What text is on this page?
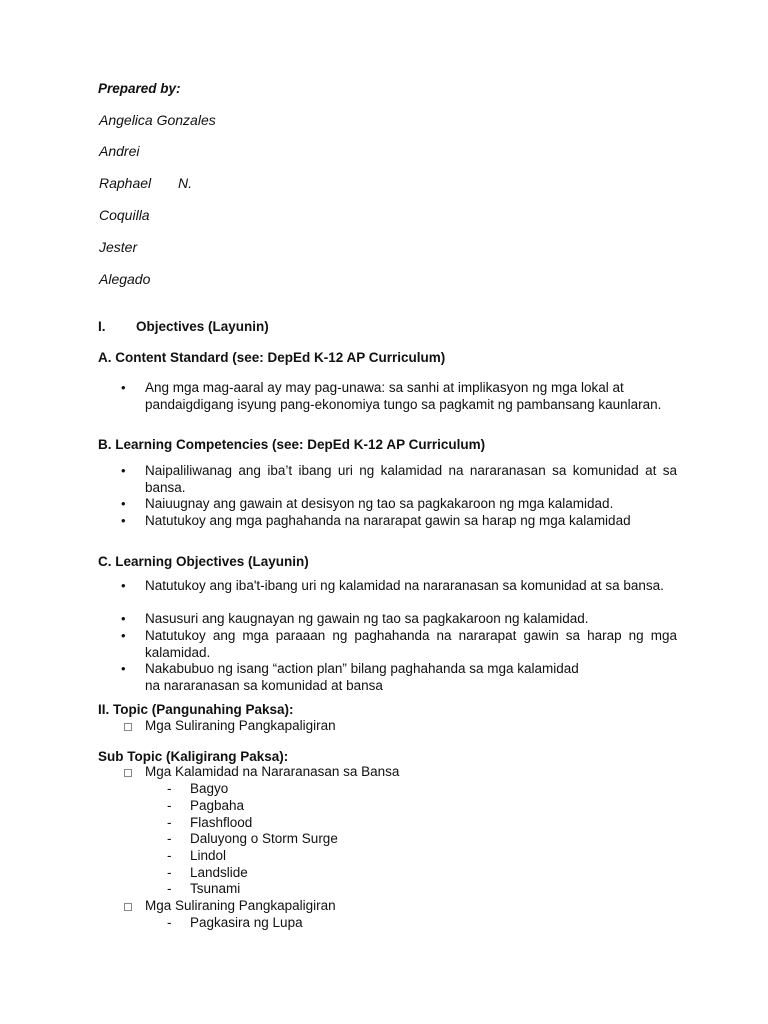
Prepared by:
Angelica Gonzales
Andrei
Raphael N.
Coquilla
Jester
Alegado
I. Objectives (Layunin)
A. Content Standard (see: DepEd K-12 AP Curriculum)
• Ang mga mag-aaral ay may pag-unawa: sa sanhi at implikasyon ng mga lokal at pandaigdigang isyung pang-ekonomiya tungo sa pagkamit ng pambansang kaunlaran.
B. Learning Competencies (see: DepEd K-12 AP Curriculum)
• Naipaliliwanag ang iba’t ibang uri ng kalamidad na nararanasan sa komunidad at sa bansa.
• Naiuugnay ang gawain at desisyon ng tao sa pagkakaroon ng mga kalamidad.
• Natutukoy ang mga paghahanda na nararapat gawin sa harap ng mga kalamidad
C. Learning Objectives (Layunin)
• Natutukoy ang iba't-ibang uri ng kalamidad na nararanasan sa komunidad at sa bansa.
• Nasusuri ang kaugnayan ng gawain ng tao sa pagkakaroon ng kalamidad.
• Natutukoy ang mga paraaan ng paghahanda na nararapat gawin sa harap ng mga kalamidad.
• Nakabubuo ng isang “action plan” bilang paghahanda sa mga kalamidad
na nararanasan sa komunidad at bansa
II. Topic (Pangunahing Paksa):
Mga Suliraning Pangkapaligiran
Sub Topic (Kaligirang Paksa):
Mga Kalamidad na Nararanasan sa Bansa
- Bagyo
- Pagbaha
- Flashflood
- Daluyong o Storm Surge
- Lindol
- Landslide
- Tsunami
Mga Suliraning Pangkapaligiran
- Pagkasira ng Lupa
